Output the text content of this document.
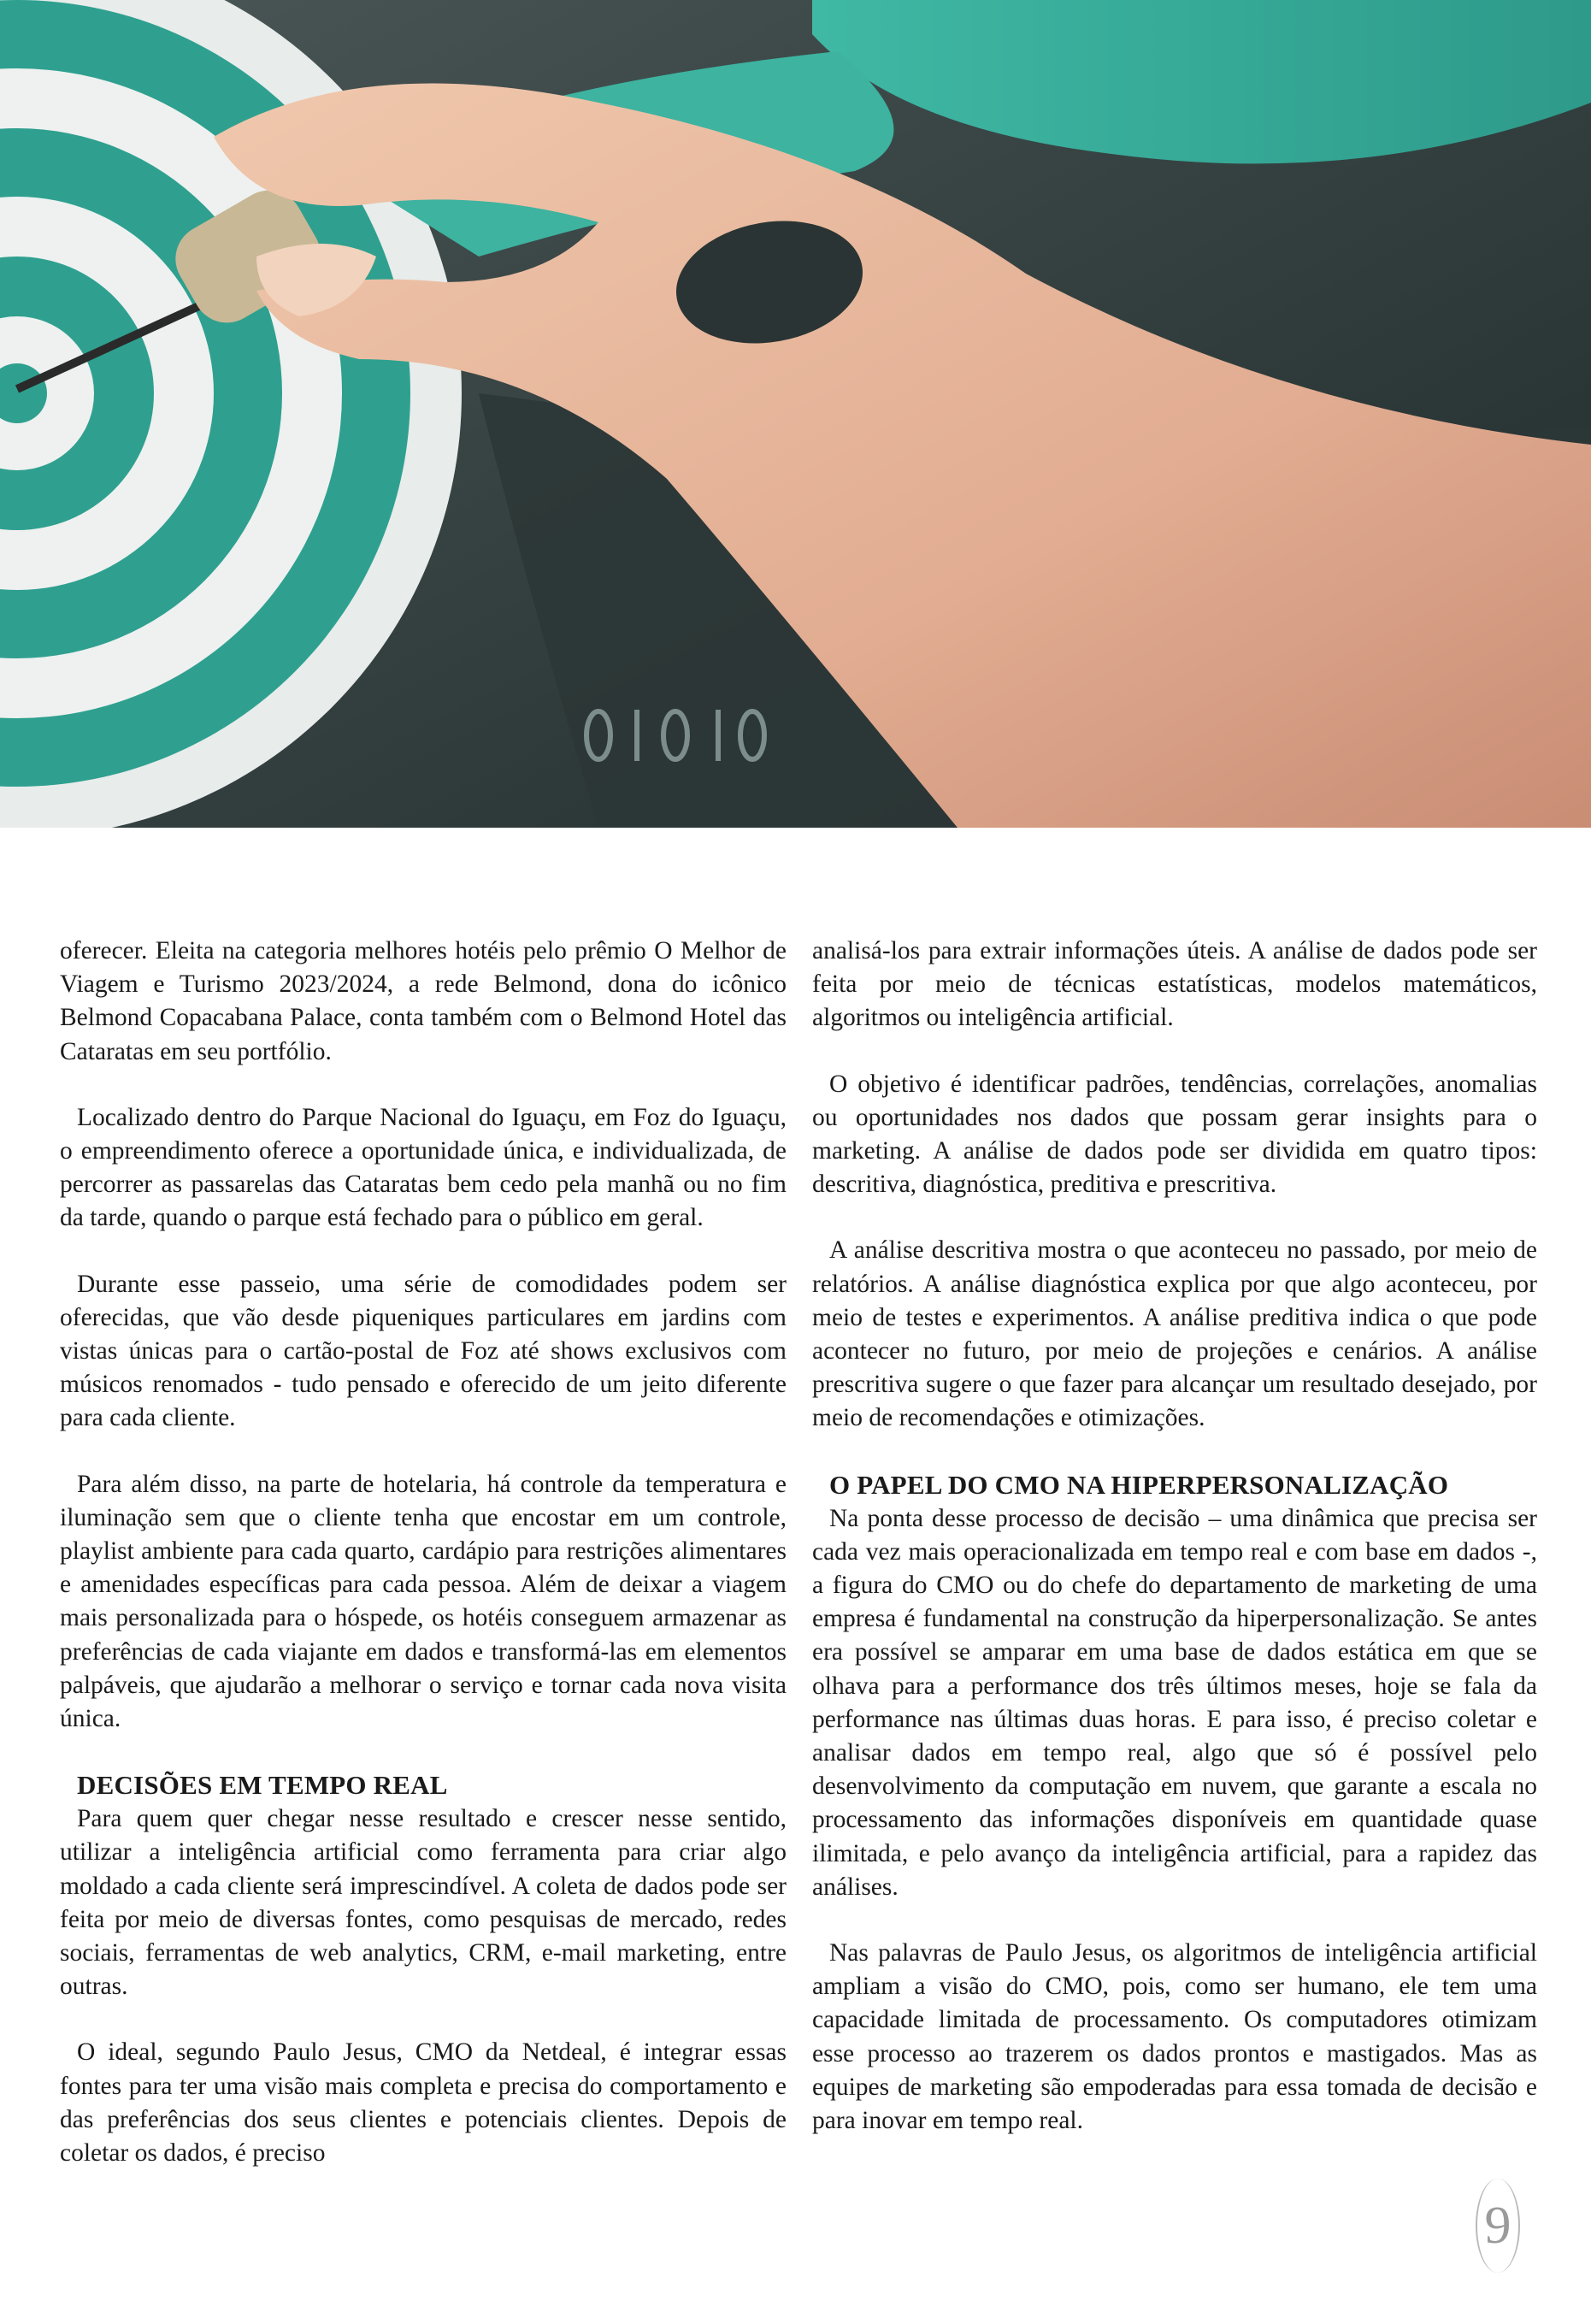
oferecer. Eleita na categoria melhores hotéis pelo prêmio O Melhor de Viagem e Turismo 2023/2024, a rede Belmond, dona do icônico Belmond Copacabana Palace, conta também com o Belmond Hotel das Cataratas em seu portfólio.

Localizado dentro do Parque Nacional do Iguaçu, em Foz do Iguaçu, o empreendimento oferece a oportunidade única, e individualizada, de percorrer as passarelas das Cataratas bem cedo pela manhã ou no fim da tarde, quando o parque está fechado para o público em geral.

Durante esse passeio, uma série de comodidades podem ser oferecidas, que vão desde piqueniques particulares em jardins com vistas únicas para o cartão-postal de Foz até shows exclusivos com músicos renomados - tudo pensado e oferecido de um jeito diferente para cada cliente.

Para além disso, na parte de hotelaria, há controle da temperatura e iluminação sem que o cliente tenha que encostar em um controle, playlist ambiente para cada quarto, cardápio para restrições alimentares e amenidades específicas para cada pessoa. Além de deixar a viagem mais personalizada para o hóspede, os hotéis conseguem armazenar as preferências de cada viajante em dados e transformá-las em elementos palpáveis, que ajudarão a melhorar o serviço e tornar cada nova visita única.

DECISÕES EM TEMPO REAL

Para quem quer chegar nesse resultado e crescer nesse sentido, utilizar a inteligência artificial como ferramenta para criar algo moldado a cada cliente será imprescindível. A coleta de dados pode ser feita por meio de diversas fontes, como pesquisas de mercado, redes sociais, ferramentas de web analytics, CRM, e-mail marketing, entre outras.

O ideal, segundo Paulo Jesus, CMO da Netdeal, é integrar essas fontes para ter uma visão mais completa e precisa do comportamento e das preferências dos seus clientes e potenciais clientes. Depois de coletar os dados, é preciso

analisá-los para extrair informações úteis. A análise de dados pode ser feita por meio de técnicas estatísticas, modelos matemáticos, algoritmos ou inteligência artificial.

O objetivo é identificar padrões, tendências, correlações, anomalias ou oportunidades nos dados que possam gerar insights para o marketing. A análise de dados pode ser dividida em quatro tipos: descritiva, diagnóstica, preditiva e prescritiva.

A análise descritiva mostra o que aconteceu no passado, por meio de relatórios. A análise diagnóstica explica por que algo aconteceu, por meio de testes e experimentos. A análise preditiva indica o que pode acontecer no futuro, por meio de projeções e cenários. A análise prescritiva sugere o que fazer para alcançar um resultado desejado, por meio de recomendações e otimizações.

O PAPEL DO CMO NA HIPERPERSONALIZAÇÃO

Na ponta desse processo de decisão – uma dinâmica que precisa ser cada vez mais operacionalizada em tempo real e com base em dados -, a figura do CMO ou do chefe do departamento de marketing de uma empresa é fundamental na construção da hiperpersonalização. Se antes era possível se amparar em uma base de dados estática em que se olhava para a performance dos três últimos meses, hoje se fala da performance nas últimas duas horas. E para isso, é preciso coletar e analisar dados em tempo real, algo que só é possível pelo desenvolvimento da computação em nuvem, que garante a escala no processamento das informações disponíveis em quantidade quase ilimitada, e pelo avanço da inteligência artificial, para a rapidez das análises.

Nas palavras de Paulo Jesus, os algoritmos de inteligência artificial ampliam a visão do CMO, pois, como ser humano, ele tem uma capacidade limitada de processamento. Os computadores otimizam esse processo ao trazerem os dados prontos e mastigados. Mas as equipes de marketing são empoderadas para essa tomada de decisão e para inovar em tempo real.

9
